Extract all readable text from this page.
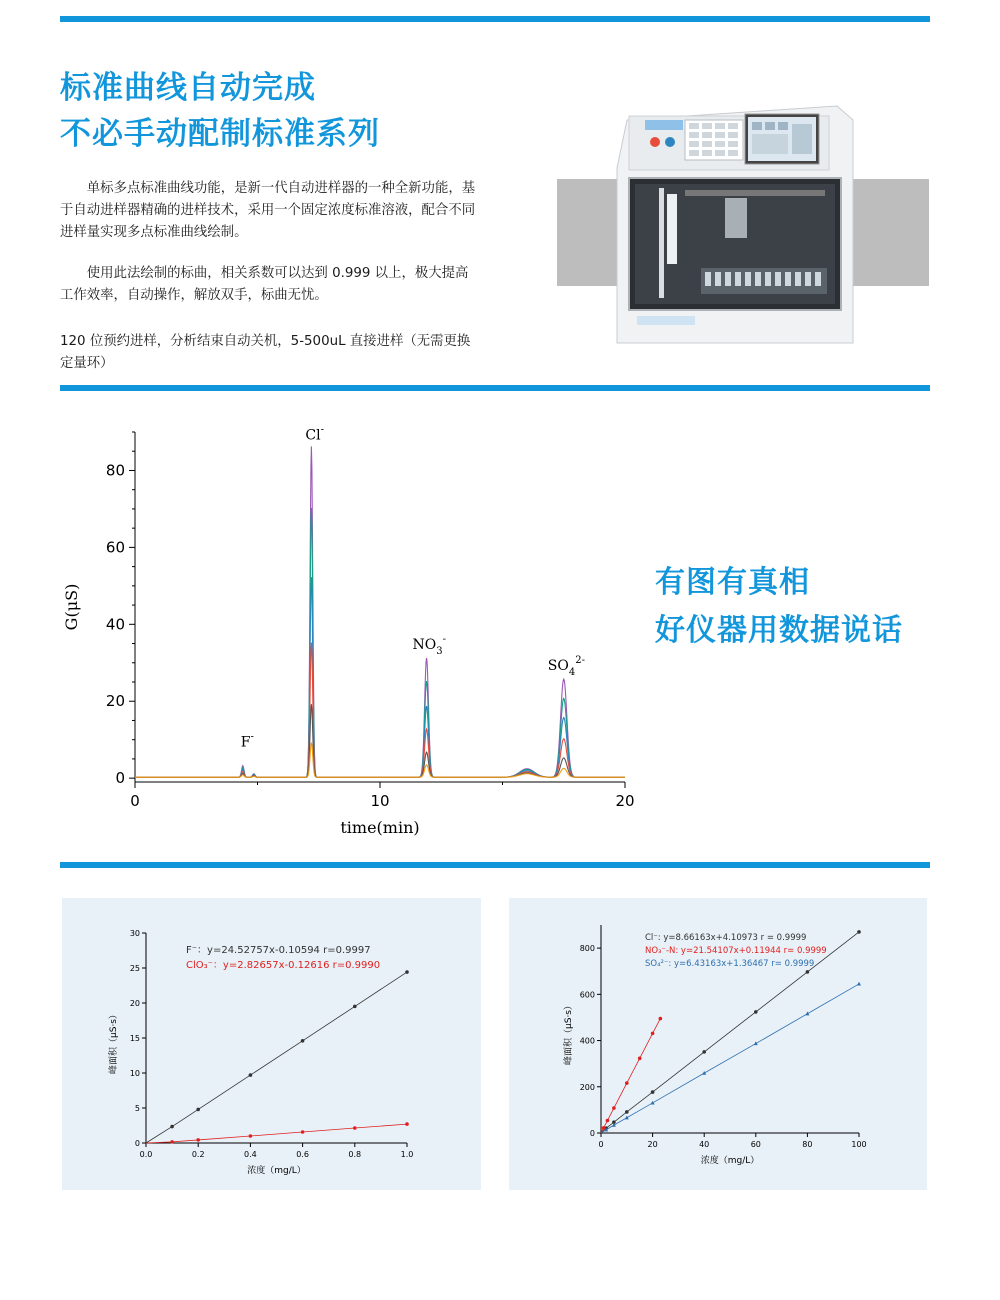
标准曲线自动完成
不必手动配制标准系列

单标多点标准曲线功能，是新一代自动进样器的一种全新功能，基于自动进样器精确的进样技术，采用一个固定浓度标准溶液，配合不同进样量实现多点标准曲线绘制。

使用此法绘制的标曲，相关系数可以达到 0.999 以上，极大提高工作效率，自动操作，解放双手，标曲无忧。

120 位预约进样，分析结束自动关机，5-500uL 直接进样（无需更换定量环）

0
20
40
60
80
0	10	20
time(min)
G(μS)
F-
Cl-
$NO_3^-$
$SO_4^{2-}$

有图有真相

好仪器用数据说话

0
5
10
15
20
25
30
0.0	0.2	0.4	0.6	0.8	1.0
浓度（mg/L）
峰面积（μS·s）
F⁻：y=24.52757x-0.10594 r=0.9997
ClO₃⁻：y=2.82657x-0.12616 r=0.9990
0
200
400
600
800
0	20	40	60	80	100
浓度（mg/L）
峰面积（μS·s）
Cl⁻: y=8.66163x+4.10973 r = 0.9999
NO₃⁻-N: y=21.54107x+0.11944 r= 0.9999
SO₄²⁻: y=6.43163x+1.36467 r= 0.9999
